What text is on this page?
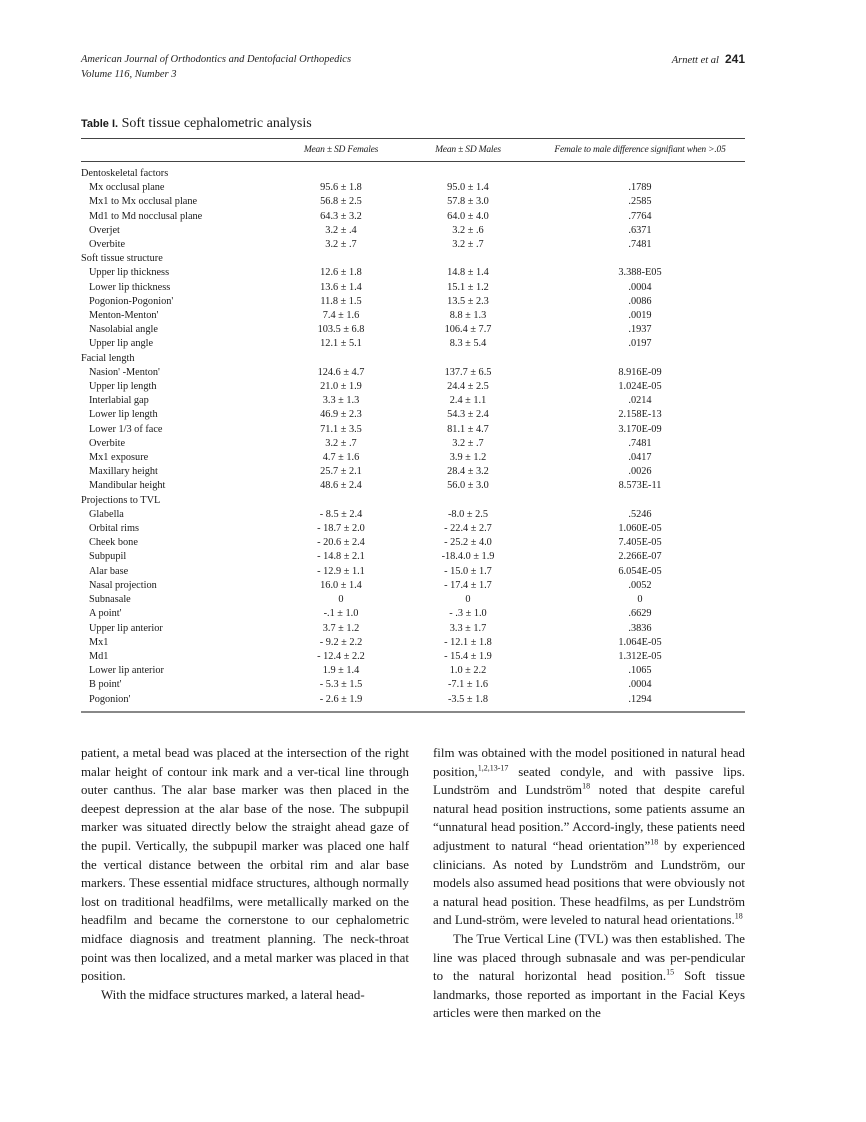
American Journal of Orthodontics and Dentofacial Orthopedics
Volume 116, Number 3
Arnett et al 241
Table I. Soft tissue cephalometric analysis
	Mean ± SD Females	Mean ± SD Males	Female to male difference signifiant when >.05

Dentoskeletal factors			
Mx occlusal plane	95.6 ± 1.8	95.0 ± 1.4	.1789
Mx1 to Mx occlusal plane	56.8 ± 2.5	57.8 ± 3.0	.2585
Md1 to Md nocclusal plane	64.3 ± 3.2	64.0 ± 4.0	.7764
Overjet	3.2 ± .4	3.2 ± .6	.6371
Overbite	3.2 ± .7	3.2 ± .7	.7481
Soft tissue structure			
Upper lip thickness	12.6 ± 1.8	14.8 ± 1.4	3.388-E05
Lower lip thickness	13.6 ± 1.4	15.1 ± 1.2	.0004
Pogonion-Pogonion'	11.8 ± 1.5	13.5 ± 2.3	.0086
Menton-Menton'	7.4 ± 1.6	8.8 ± 1.3	.0019
Nasolabial angle	103.5 ± 6.8	106.4 ± 7.7	.1937
Upper lip angle	12.1 ± 5.1	8.3 ± 5.4	.0197
Facial length			
Nasion' -Menton'	124.6 ± 4.7	137.7 ± 6.5	8.916E-09
Upper lip length	21.0 ± 1.9	24.4 ± 2.5	1.024E-05
Interlabial gap	3.3 ± 1.3	2.4 ± 1.1	.0214
Lower lip length	46.9 ± 2.3	54.3 ± 2.4	2.158E-13
Lower 1/3 of face	71.1 ± 3.5	81.1 ± 4.7	3.170E-09
Overbite	3.2 ± .7	3.2 ± .7	.7481
Mx1 exposure	4.7 ± 1.6	3.9 ± 1.2	.0417
Maxillary height	25.7 ± 2.1	28.4 ± 3.2	.0026
Mandibular height	48.6 ± 2.4	56.0 ± 3.0	8.573E-11
Projections to TVL			
Glabella	- 8.5 ± 2.4	-8.0 ± 2.5	.5246
Orbital rims	- 18.7 ± 2.0	- 22.4 ± 2.7	1.060E-05
Cheek bone	- 20.6 ± 2.4	- 25.2 ± 4.0	7.405E-05
Subpupil	- 14.8 ± 2.1	-18.4.0 ± 1.9	2.266E-07
Alar base	- 12.9 ± 1.1	- 15.0 ± 1.7	6.054E-05
Nasal projection	16.0 ± 1.4	- 17.4 ± 1.7	.0052
Subnasale	0	0	0
A point'	-.1 ± 1.0	- .3 ± 1.0	.6629
Upper lip anterior	3.7 ± 1.2	3.3 ± 1.7	.3836
Mx1	- 9.2 ± 2.2	- 12.1 ± 1.8	1.064E-05
Md1	- 12.4 ± 2.2	- 15.4 ± 1.9	1.312E-05
Lower lip anterior	1.9 ± 1.4	1.0 ± 2.2	.1065
B point'	- 5.3 ± 1.5	-7.1 ± 1.6	.0004
Pogonion'	- 2.6 ± 1.9	-3.5 ± 1.8	.1294

patient, a metal bead was placed at the intersection of the right malar height of contour ink mark and a ver-tical line through outer canthus. The alar base marker was then placed in the deepest depression at the alar base of the nose. The subpupil marker was situated directly below the straight ahead gaze of the pupil. Vertically, the subpupil marker was placed one half the vertical distance between the orbital rim and alar base markers. These essential midface structures, although normally lost on traditional headfilms, were metallically marked on the headfilm and became the cornerstone to our cephalometric midface diagnosis and treatment planning. The neck-throat point was then localized, and a metal marker was placed in that position.

With the midface structures marked, a lateral head-

film was obtained with the model positioned in natural head position,$^{1,2,13-17}$ seated condyle, and with passive lips. Lundström and Lundström$^{18}$ noted that despite careful natural head position instructions, some patients assume an “unnatural head position.” Accord-ingly, these patients need adjustment to natural “head orientation”$^{18}$ by experienced clinicians. As noted by Lundström and Lundström, our models also assumed head positions that were obviously not a natural head position. These headfilms, as per Lundström and Lund-ström, were leveled to natural head orientations.$^{18}$

The True Vertical Line (TVL) was then established. The line was placed through subnasale and was per-pendicular to the natural horizontal head position.$^{15}$ Soft tissue landmarks, those reported as important in the Facial Keys articles were then marked on the
